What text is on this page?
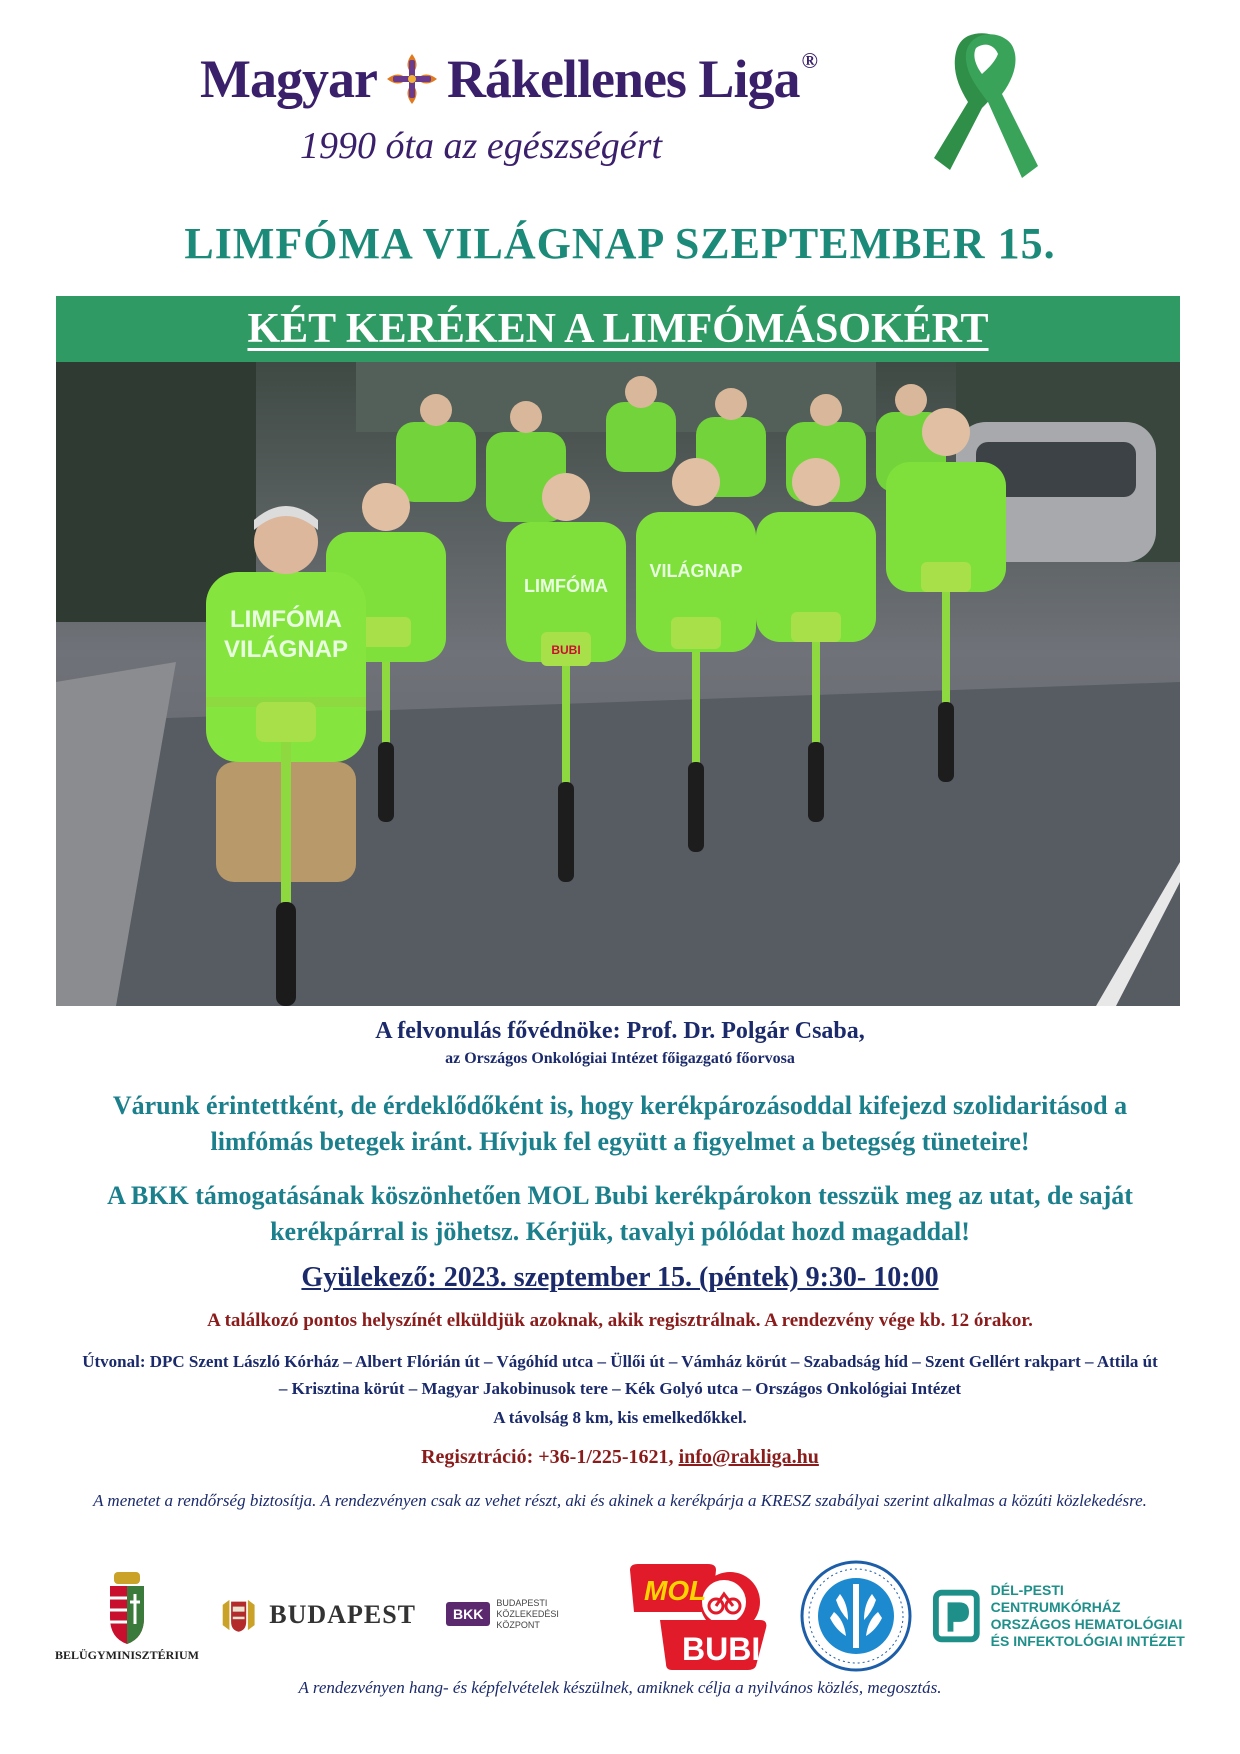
Magyar Rákellenes Liga®
1990 óta az egészségért
LIMFÓMA VILÁGNAP SZEPTEMBER 15.
KÉT KERÉKEN A LIMFÓMÁSOKÉRT
LIMFÓMA
VILÁGNAP
LIMFÓMA
VILÁGNAP
BUBI
A felvonulás fővédnöke: Prof. Dr. Polgár Csaba,
az Országos Onkológiai Intézet főigazgató főorvosa
Várunk érintettként, de érdeklődőként is, hogy kerékpározásoddal kifejezd szolidaritásod a limfómás betegek iránt. Hívjuk fel együtt a figyelmet a betegség tüneteire!
A BKK támogatásának köszönhetően MOL Bubi kerékpárokon tesszük meg az utat, de saját kerékpárral is jöhetsz. Kérjük, tavalyi pólódat hozd magaddal!
Gyülekező: 2023. szeptember 15. (péntek) 9:30- 10:00
A találkozó pontos helyszínét elküldjük azoknak, akik regisztrálnak. A rendezvény vége kb. 12 órakor.
Útvonal: DPC Szent László Kórház – Albert Flórián út – Vágóhíd utca – Üllői út – Vámház körút – Szabadság híd – Szent Gellért rakpart – Attila út – Krisztina körút – Magyar Jakobinusok tere – Kék Golyó utca – Országos Onkológiai Intézet
A távolság 8 km, kis emelkedőkkel.
Regisztráció: +36-1/225-1621, info@rakliga.hu
A menetet a rendőrség biztosítja. A rendezvényen csak az vehet részt, aki és akinek a kerékpárja a KRESZ szabályai szerint alkalmas a közúti közlekedésre.
BELÜGYMINISZTÉRIUM
BUDAPEST	BKK
BUDAPESTI
KÖZLEKEDÉSI
KÖZPONT
MOL
BUBI
DÉL-PESTI CENTRUMKÓRHÁZ
ORSZÁGOS HEMATOLÓGIAI
ÉS INFEKTOLÓGIAI INTÉZET
A rendezvényen hang- és képfelvételek készülnek, amiknek célja a nyilvános közlés, megosztás.
